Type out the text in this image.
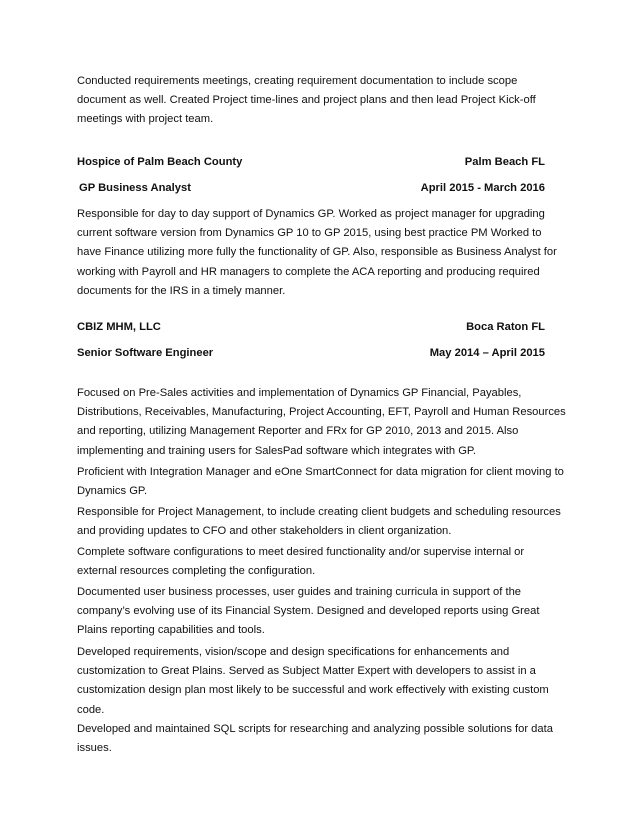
Conducted requirements meetings, creating requirement documentation to include scope document as well. Created Project time-lines and project plans and then lead Project Kick-off meetings with project team.

Hospice of Palm Beach County	Palm Beach FL
GP Business Analyst	April 2015 - March 2016

Responsible for day to day support of Dynamics GP. Worked as project manager for upgrading current software version from Dynamics GP 10 to GP 2015, using best practice PM Worked to have Finance utilizing more fully the functionality of GP. Also, responsible as Business Analyst for working with Payroll and HR managers to complete the ACA reporting and producing required documents for the IRS in a timely manner.

CBIZ MHM, LLC	Boca Raton FL
Senior Software Engineer	May 2014 – April 2015

Focused on Pre-Sales activities and implementation of Dynamics GP Financial, Payables, Distributions, Receivables, Manufacturing, Project Accounting, EFT, Payroll and Human Resources and reporting, utilizing Management Reporter and FRx for GP 2010, 2013 and 2015. Also implementing and training users for SalesPad software which integrates with GP.

Proficient with Integration Manager and eOne SmartConnect for data migration for client moving to Dynamics GP.

Responsible for Project Management, to include creating client budgets and scheduling resources and providing updates to CFO and other stakeholders in client organization.

Complete software configurations to meet desired functionality and/or supervise internal or external resources completing the configuration.

Documented user business processes, user guides and training curricula in support of the company’s evolving use of its Financial System. Designed and developed reports using Great Plains reporting capabilities and tools.

Developed requirements, vision/scope and design specifications for enhancements and customization to Great Plains. Served as Subject Matter Expert with developers to assist in a customization design plan most likely to be successful and work effectively with existing custom code.

Developed and maintained SQL scripts for researching and analyzing possible solutions for data issues.
